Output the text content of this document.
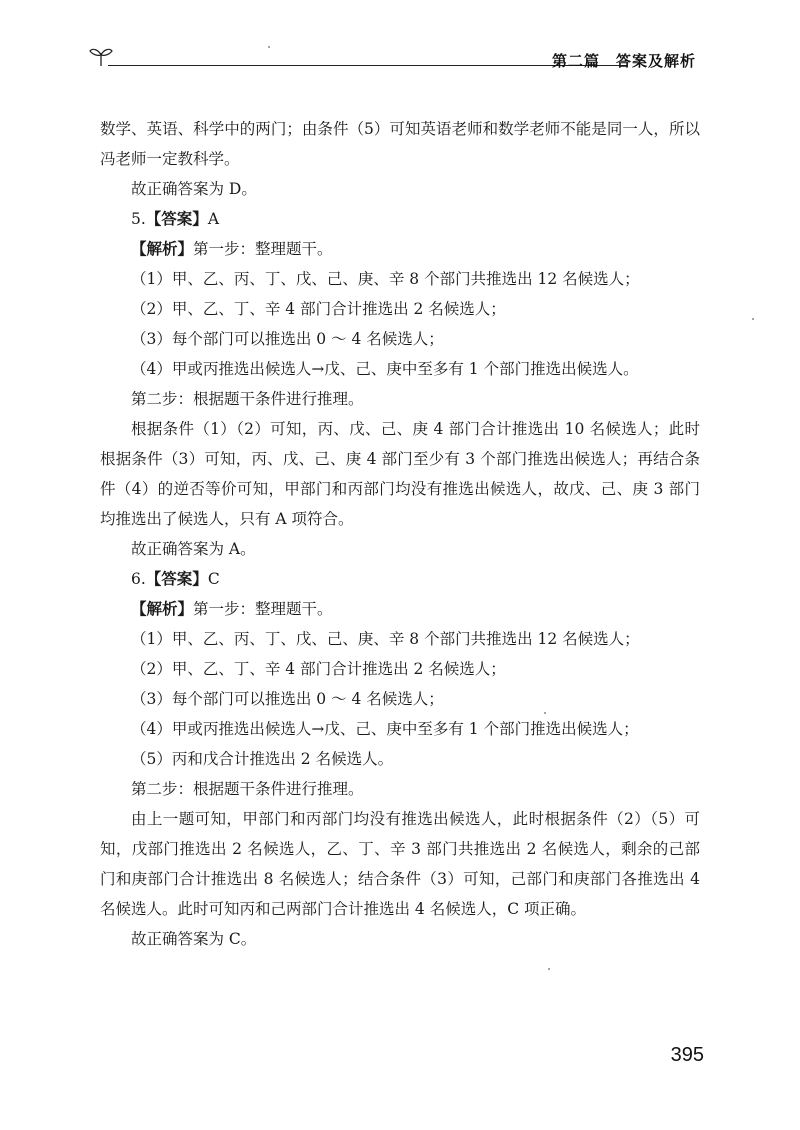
第二篇　答案及解析

数学、英语、科学中的两门；由条件（5）可知英语老师和数学老师不能是同一人，所以冯老师一定教科学。

故正确答案为 D。

5.【答案】A

【解析】第一步：整理题干。

（1）甲、乙、丙、丁、戊、己、庚、辛 8 个部门共推选出 12 名候选人；

（2）甲、乙、丁、辛 4 部门合计推选出 2 名候选人；

（3）每个部门可以推选出 0 ～ 4 名候选人；

（4）甲或丙推选出候选人→戊、己、庚中至多有 1 个部门推选出候选人。

第二步：根据题干条件进行推理。

根据条件（1）（2）可知，丙、戊、己、庚 4 部门合计推选出 10 名候选人；此时根据条件（3）可知，丙、戊、己、庚 4 部门至少有 3 个部门推选出候选人；再结合条件（4）的逆否等价可知，甲部门和丙部门均没有推选出候选人，故戊、己、庚 3 部门均推选出了候选人，只有 A 项符合。

故正确答案为 A。

6.【答案】C

【解析】第一步：整理题干。

（1）甲、乙、丙、丁、戊、己、庚、辛 8 个部门共推选出 12 名候选人；

（2）甲、乙、丁、辛 4 部门合计推选出 2 名候选人；

（3）每个部门可以推选出 0 ～ 4 名候选人；

（4）甲或丙推选出候选人→戊、己、庚中至多有 1 个部门推选出候选人；

（5）丙和戊合计推选出 2 名候选人。

第二步：根据题干条件进行推理。

由上一题可知，甲部门和丙部门均没有推选出候选人，此时根据条件（2）（5）可知，戊部门推选出 2 名候选人，乙、丁、辛 3 部门共推选出 2 名候选人，剩余的己部门和庚部门合计推选出 8 名候选人；结合条件（3）可知，己部门和庚部门各推选出 4 名候选人。此时可知丙和己两部门合计推选出 4 名候选人，C 项正确。

故正确答案为 C。

395
